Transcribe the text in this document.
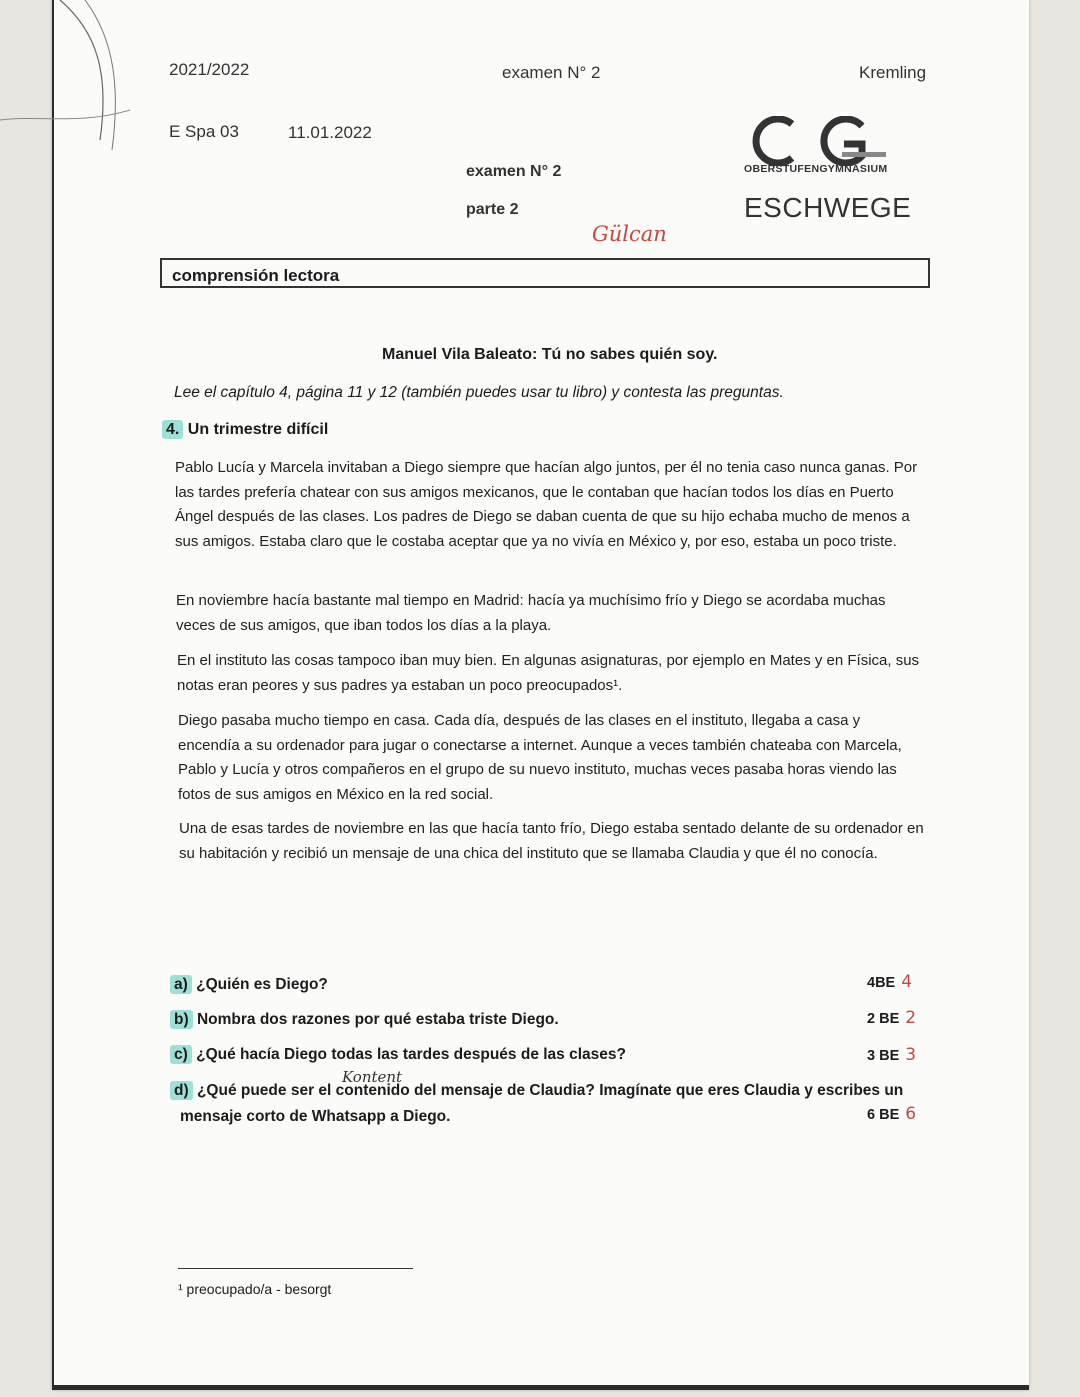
2021/2022	examen N° 2	Kremling
E Spa 03	11.01.2022
examen N° 2
parte 2
Gülcan
OBERSTUFENGYMNASIUM
ESCHWEGE
comprensión lectora
Manuel Vila Baleato: Tú no sabes quién soy.
Lee el capítulo 4, página 11 y 12 (también puedes usar tu libro) y contesta las preguntas.
4. Un trimestre difícil
Pablo Lucía y Marcela invitaban a Diego siempre que hacían algo juntos, per él no tenia caso nunca ganas. Por las tardes prefería chatear con sus amigos mexicanos, que le contaban que hacían todos los días en Puerto Ángel después de las clases. Los padres de Diego se daban cuenta de que su hijo echaba mucho de menos a sus amigos. Estaba claro que le costaba aceptar que ya no vivía en México y, por eso, estaba un poco triste.
En noviembre hacía bastante mal tiempo en Madrid: hacía ya muchísimo frío y Diego se acordaba muchas veces de sus amigos, que iban todos los días a la playa.
En el instituto las cosas tampoco iban muy bien. En algunas asignaturas, por ejemplo en Mates y en Física, sus notas eran peores y sus padres ya estaban un poco preocupados¹.
Diego pasaba mucho tiempo en casa. Cada día, después de las clases en el instituto, llegaba a casa y encendía a su ordenador para jugar o conectarse a internet. Aunque a veces también chateaba con Marcela, Pablo y Lucía y otros compañeros en el grupo de su nuevo instituto, muchas veces pasaba horas viendo las fotos de sus amigos en México en la red social.
Una de esas tardes de noviembre en las que hacía tanto frío, Diego estaba sentado delante de su ordenador en su habitación y recibió un mensaje de una chica del instituto que se llamaba Claudia y que él no conocía.
a) ¿Quién es Diego?	4BE 4
b) Nombra dos razones por qué estaba triste Diego.	2 BE 2
c) ¿Qué hacía Diego todas las tardes después de las clases?	3 BE 3
Kontent
d) ¿Qué puede ser el contenido del mensaje de Claudia? Imagínate que eres Claudia y escribes un
mensaje corto de Whatsapp a Diego.	6 BE 6
¹ preocupado/a - besorgt
